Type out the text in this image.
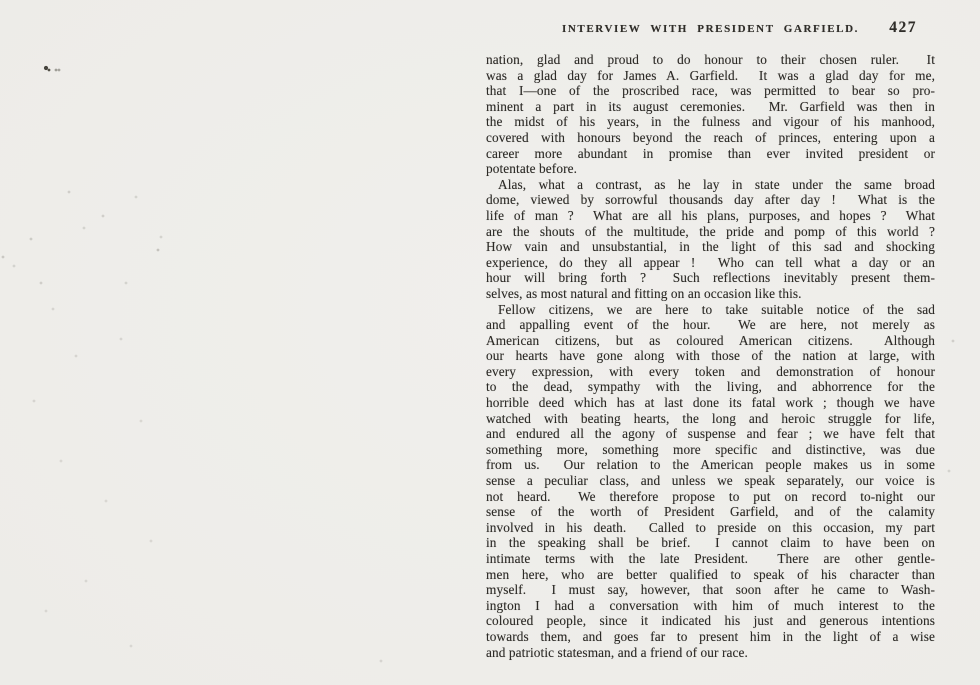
INTERVIEW WITH PRESIDENT GARFIELD.	427
nation, glad and proud to do honour to their chosen ruler.  It
was a glad day for James A. Garfield.  It was a glad day for me,
that I—one of the proscribed race, was permitted to bear so pro-
minent a part in its august ceremonies.  Mr. Garfield was then in
the midst of his years, in the fulness and vigour of his manhood,
covered with honours beyond the reach of princes, entering upon a
career more abundant in promise than ever invited president or
potentate before.
Alas, what a contrast, as he lay in state under the same broad
dome, viewed by sorrowful thousands day after day !  What is the
life of man ?  What are all his plans, purposes, and hopes ?  What
are the shouts of the multitude, the pride and pomp of this world ?
How vain and unsubstantial, in the light of this sad and shocking
experience, do they all appear !  Who can tell what a day or an
hour will bring forth ?  Such reflections inevitably present them-
selves, as most natural and fitting on an occasion like this.
Fellow citizens, we are here to take suitable notice of the sad
and appalling event of the hour.  We are here, not merely as
American citizens, but as coloured American citizens.  Although
our hearts have gone along with those of the nation at large, with
every expression, with every token and demonstration of honour
to the dead, sympathy with the living, and abhorrence for the
horrible deed which has at last done its fatal work ; though we have
watched with beating hearts, the long and heroic struggle for life,
and endured all the agony of suspense and fear ; we have felt that
something more, something more specific and distinctive, was due
from us.  Our relation to the American people makes us in some
sense a peculiar class, and unless we speak separately, our voice is
not heard.  We therefore propose to put on record to-night our
sense of the worth of President Garfield, and of the calamity
involved in his death.  Called to preside on this occasion, my part
in the speaking shall be brief.  I cannot claim to have been on
intimate terms with the late President.  There are other gentle-
men here, who are better qualified to speak of his character than
myself.  I must say, however, that soon after he came to Wash-
ington I had a conversation with him of much interest to the
coloured people, since it indicated his just and generous intentions
towards them, and goes far to present him in the light of a wise
and patriotic statesman, and a friend of our race.
